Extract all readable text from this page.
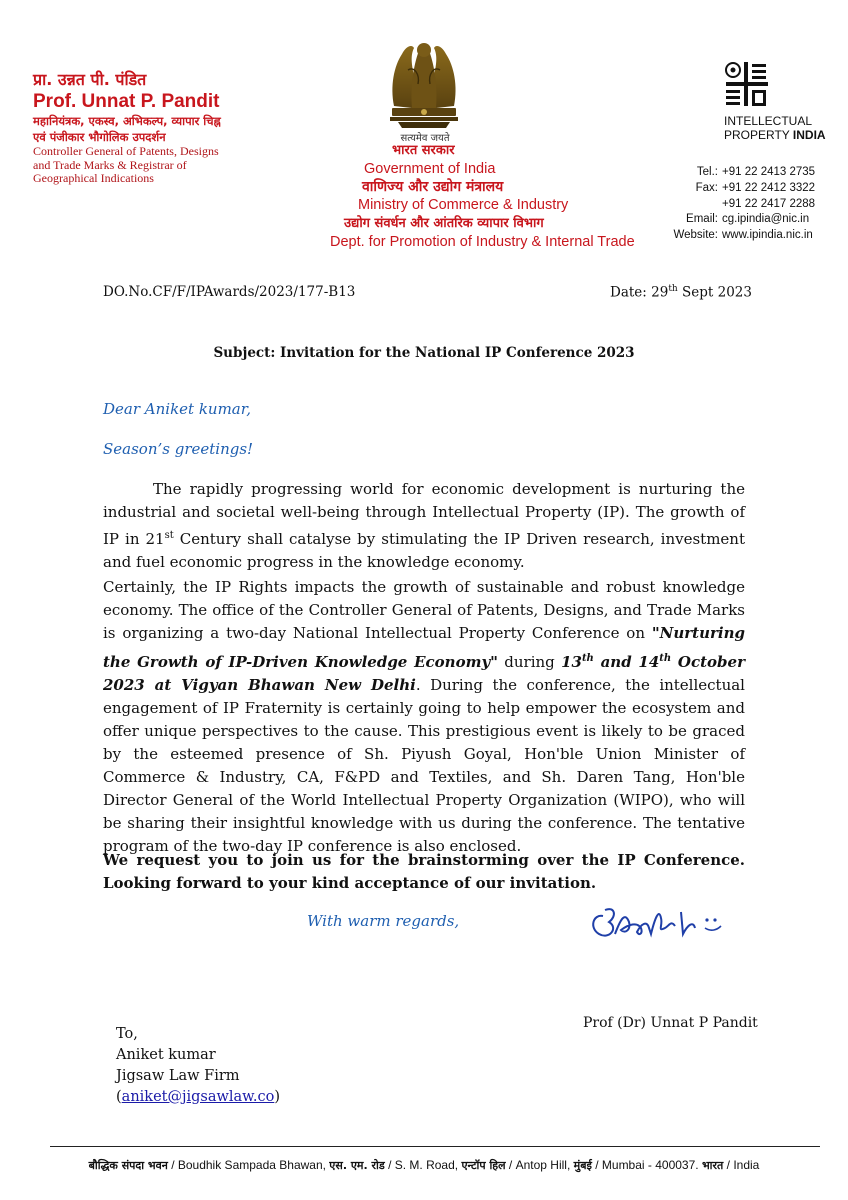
प्रा. उन्नत पी. पंडित
Prof. Unnat P. Pandit
महानियंत्रक, एकस्व, अभिकल्प, व्यापार चिह्न
एवं पंजीकार भौगोलिक उपदर्शन
Controller General of Patents, Designs
and Trade Marks & Registrar of
Geographical Indications
सत्यमेव जयते
भारत सरकार
Government of India
वाणिज्य और उद्योग मंत्रालय
Ministry of Commerce & Industry
उद्योग संवर्धन और आंतरिक व्यापार विभाग
Dept. for Promotion of Industry & Internal Trade
INTELLECTUAL
PROPERTY INDIA
Tel.: +91 22 2413 2735
Fax: +91 22 2412 3322
+91 22 2417 2288
Email: cg.ipindia@nic.in
Website: www.ipindia.nic.in
DO.No.CF/F/IPAwards/2023/177-B13	Date: 29th Sept 2023
Subject: Invitation for the National IP Conference 2023
Dear Aniket kumar,
Season’s greetings!
The rapidly progressing world for economic development is nurturing the industrial and societal well-being through Intellectual Property (IP). The growth of IP in 21st Century shall catalyse by stimulating the IP Driven research, investment and fuel economic progress in the knowledge economy.
Certainly, the IP Rights impacts the growth of sustainable and robust knowledge economy. The office of the Controller General of Patents, Designs, and Trade Marks is organizing a two-day National Intellectual Property Conference on "Nurturing the Growth of IP-Driven Knowledge Economy" during 13th and 14th October 2023 at Vigyan Bhawan New Delhi. During the conference, the intellectual engagement of IP Fraternity is certainly going to help empower the ecosystem and offer unique perspectives to the cause. This prestigious event is likely to be graced by the esteemed presence of Sh. Piyush Goyal, Hon'ble Union Minister of Commerce & Industry, CA, F&PD and Textiles, and Sh. Daren Tang, Hon'ble Director General of the World Intellectual Property Organization (WIPO), who will be sharing their insightful knowledge with us during the conference. The tentative program of the two-day IP conference is also enclosed.
We request you to join us for the brainstorming over the IP Conference. Looking forward to your kind acceptance of our invitation.
With warm regards,
Prof (Dr) Unnat P Pandit
To,
Aniket kumar
Jigsaw Law Firm
(aniket@jigsawlaw.co)
बौद्धिक संपदा भवन / Boudhik Sampada Bhawan, एस. एम. रोड / S. M. Road, एन्टॉप हिल / Antop Hill, मुंबई / Mumbai - 400037. भारत / India
